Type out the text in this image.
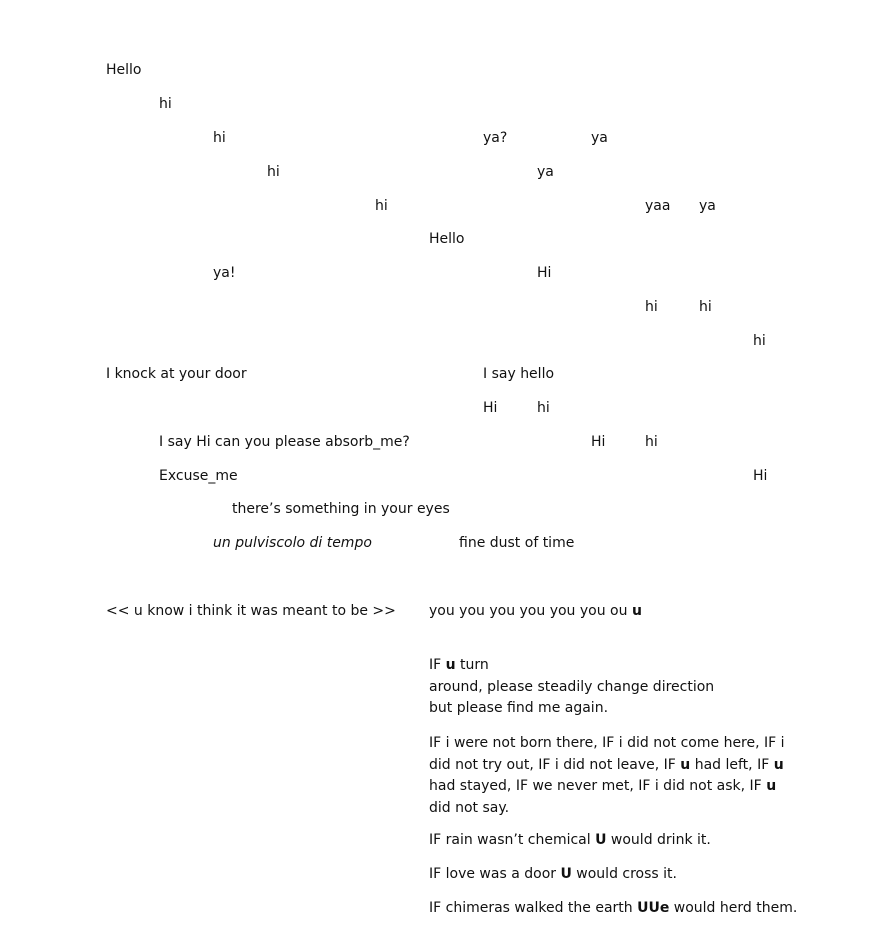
Hello
hi
hi	ya?	ya
hi	ya
hi	yaa ya
Hello
ya!	Hi
hi	hi
hi
I knock at your door	I say hello
Hi	hi
I say Hi can you please absorb_me?	Hi	hi
Excuse_me	Hi
there’s something in your eyes
un pulviscolo di tempo	fine dust of time
<< u know i think it was meant to be >> you you you you you you ou u
IF u turn
around, please steadily change direction
but please find me again.
IF i were not born there, IF i did not come here, IF i
did not try out, IF i did not leave, IF u had left, IF u
had stayed, IF we never met, IF i did not ask, IF u
did not say.
IF rain wasn’t chemical U would drink it.
IF love was a door U would cross it.
IF chimeras walked the earth UUe would herd them.
